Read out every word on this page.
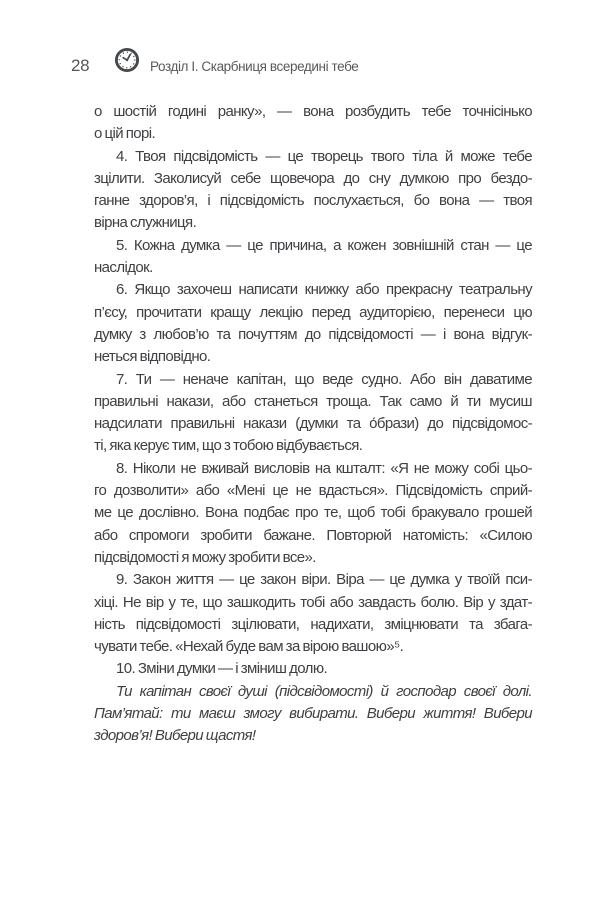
28	Розділ І. Скарбниця всередині тебе
о шостій годині ранку», — вона розбудить тебе точнісінько
о цій порі.
4. Твоя підсвідомість — це творець твого тіла й може тебе
зцілити. Заколисуй себе щовечора до сну думкою про бездо-
ганне здоров’я, і підсвідомість послухається, бо вона — твоя
вірна служниця.
5. Кожна думка — це причина, а кожен зовнішній стан — це
наслідок.
6. Якщо захочеш написати книжку або прекрасну театральну
п’єсу, прочитати кращу лекцію перед аудиторією, перенеси цю
думку з любов’ю та почуттям до підсвідомості — і вона відгук-
неться відповідно.
7. Ти — неначе капітан, що веде судно. Або він даватиме
правильні накази, або станеться троща. Так само й ти мусиш
надсилати правильні накази (думки та о́брази) до підсвідомос-
ті, яка керує тим, що з тобою відбувається.
8. Ніколи не вживай висловів на кшталт: «Я не можу собі цьо-
го дозволити» або «Мені це не вдасться». Підсвідомість сприй-
ме це дослівно. Вона подбає про те, щоб тобі бракувало грошей
або спромоги зробити бажане. Повторюй натомість: «Силою
підсвідомості я можу зробити все».
9. Закон життя — це закон віри. Віра — це думка у твоїй пси-
хіці. Не вір у те, що зашкодить тобі або завдасть болю. Вір у здат-
ність підсвідомості зцілювати, надихати, зміцнювати та збага-
чувати тебе. «Нехай буде вам за вірою вашою»⁵.
10. Зміни думки — і зміниш долю.
Ти капітан своєї душі (підсвідомості) й господар своєї долі.
Пам’ятай: ти маєш змогу вибирати. Вибери життя! Вибери
здоров’я! Вибери щастя!
